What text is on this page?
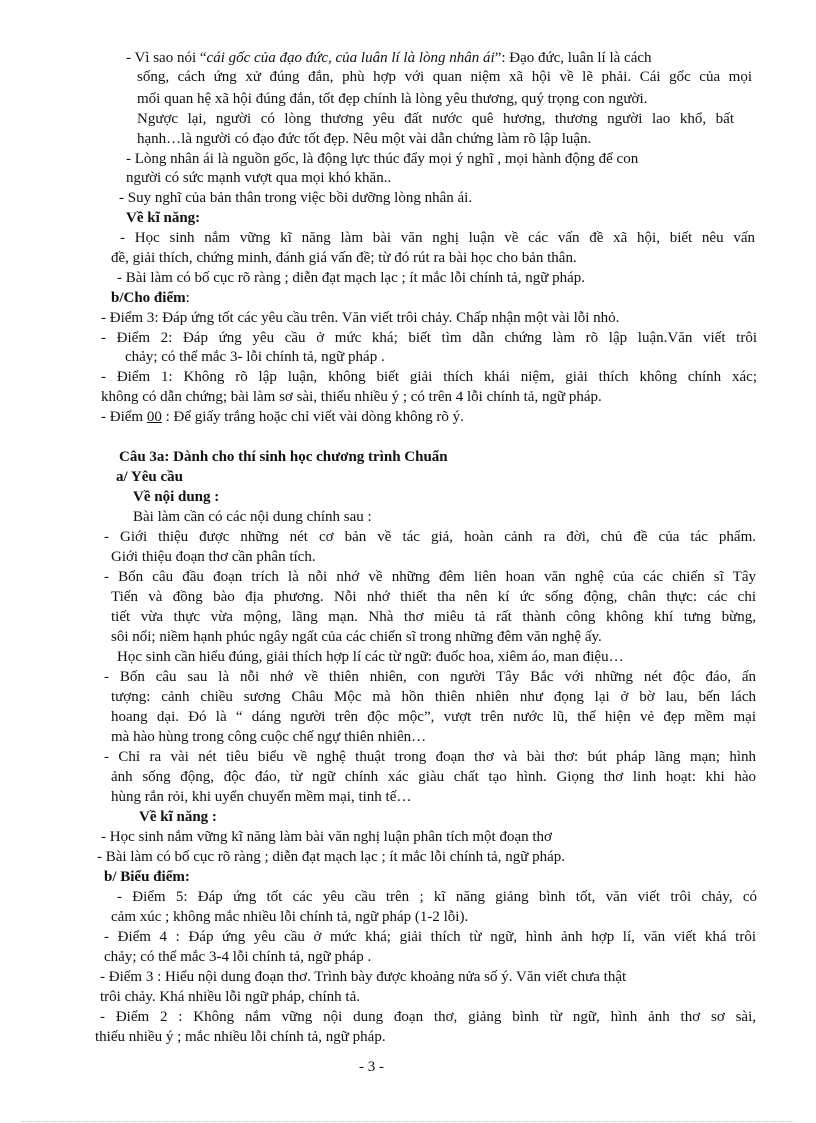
- Vì sao nói “cái gốc của đạo đức, của luân lí là lòng nhân ái”: Đạo đức, luân lí là cách
sống, cách ứng xử đúng đắn, phù hợp với quan niệm xã hội về lẽ phải. Cái gốc của mọi
mối quan hệ xã hội đúng đắn, tốt đẹp chính là lòng yêu thương, quý trọng con người.
Ngược lại, người có lòng thương yêu đất nước quê hương, thương người lao khổ, bất
hạnh…là người có đạo đức tốt đẹp. Nêu một vài dẫn chứng làm rõ lập luận.
- Lòng nhân ái là nguồn gốc, là động lực thúc đẩy mọi ý nghĩ , mọi hành động để con
người có sức mạnh vượt qua mọi khó khăn..
- Suy nghĩ của bản thân trong việc bồi dưỡng lòng nhân ái.
Về kĩ năng:
- Học sinh nắm vững kĩ năng làm bài văn nghị luận về các vấn đề xã hội, biết nêu vấn
đề, giải thích, chứng minh, đánh giá vấn đề; từ đó rút ra bài học cho bản thân.
- Bài làm có bố cục rõ ràng ; diễn đạt mạch lạc ; ít mắc lỗi chính tả, ngữ pháp.
b/Cho điểm:
- Điểm 3: Đáp ứng tốt các yêu cầu trên. Văn viết trôi chảy. Chấp nhận một vài lỗi nhỏ.
- Điểm 2: Đáp ứng yêu cầu ở mức khá; biết tìm dẫn chứng làm rõ lập luận.Văn viết trôi
chảy; có thể mắc 3- lỗi chính tả, ngữ pháp .
- Điểm 1: Không rõ lập luận, không biết giải thích khái niệm, giải thích không chính xác;
không có dẫn chứng; bài làm sơ sài, thiếu nhiều ý ; có trên 4 lỗi chính tả, ngữ pháp.
- Điểm 00 : Để giấy trắng hoặc chỉ viết vài dòng không rõ ý.
Câu 3a: Dành cho thí sinh học chương trình Chuẩn
a/ Yêu cầu
Về nội dung :
Bài làm cần có các nội dung chính sau :
- Giới thiệu được những nét cơ bản về tác giả, hoàn cảnh ra đời, chủ đề của tác phẩm.
Giới thiệu đoạn thơ cần phân tích.
- Bốn câu đầu đoạn trích là nỗi nhớ về những đêm liên hoan văn nghệ của các chiến sĩ Tây
Tiến và đồng bào địa phương. Nỗi nhớ thiết tha nên kí ức sống động, chân thực: các chi
tiết vừa thực vừa mộng, lãng mạn. Nhà thơ miêu tả rất thành công không khí tưng bừng,
sôi nổi; niềm hạnh phúc ngây ngất của các chiến sĩ trong những đêm văn nghệ ấy.
Học sinh cần hiểu đúng, giải thích hợp lí các từ ngữ: đuốc hoa, xiêm áo, man điệu…
- Bốn câu sau là nỗi nhớ về thiên nhiên, con người Tây Bắc với những nét độc đáo, ấn
tượng: cảnh chiều sương Châu Mộc mà hồn thiên nhiên như đọng lại ở bờ lau, bến lách
hoang dại. Đó là “ dáng người trên độc mộc”, vượt trên nước lũ, thể hiện vẻ đẹp mềm mại
mà hào hùng trong công cuộc chế ngự thiên nhiên…
- Chỉ ra vài nét tiêu biểu về nghệ thuật trong đoạn thơ và bài thơ: bút pháp lãng mạn; hình
ảnh sống động, độc đáo, từ ngữ chính xác giàu chất tạo hình. Giọng thơ linh hoạt: khi hào
hùng rắn rỏi, khi uyển chuyển mềm mại, tinh tế…
Về kĩ năng :
- Học sinh nắm vững kĩ năng làm bài văn nghị luận phân tích một đoạn thơ
- Bài làm có bố cục rõ ràng ; diễn đạt mạch lạc ; ít mắc lỗi chính tả, ngữ pháp.
b/ Biểu điểm:
- Điểm 5: Đáp ứng tốt các yêu cầu trên ; kĩ năng giảng bình tốt, văn viết trôi chảy, có
cảm xúc ; không mắc nhiều lỗi chính tả, ngữ pháp (1-2 lỗi).
- Điểm 4 : Đáp ứng yêu cầu ở mức khá; giải thích từ ngữ, hình ảnh hợp lí, văn viết khá trôi
chảy; có thể mắc 3-4 lỗi chính tả, ngữ pháp .
- Điểm 3 : Hiểu nội dung đoạn thơ. Trình bày được khoảng nửa số ý. Văn viết chưa thật
trôi chảy. Khá nhiều lỗi ngữ pháp, chính tả.
- Điểm 2 : Không nắm vững nội dung đoạn thơ, giảng bình từ ngữ, hình ảnh thơ sơ sài,
thiếu nhiều ý ; mắc nhiều lỗi chính tả, ngữ pháp.
- 3 -
